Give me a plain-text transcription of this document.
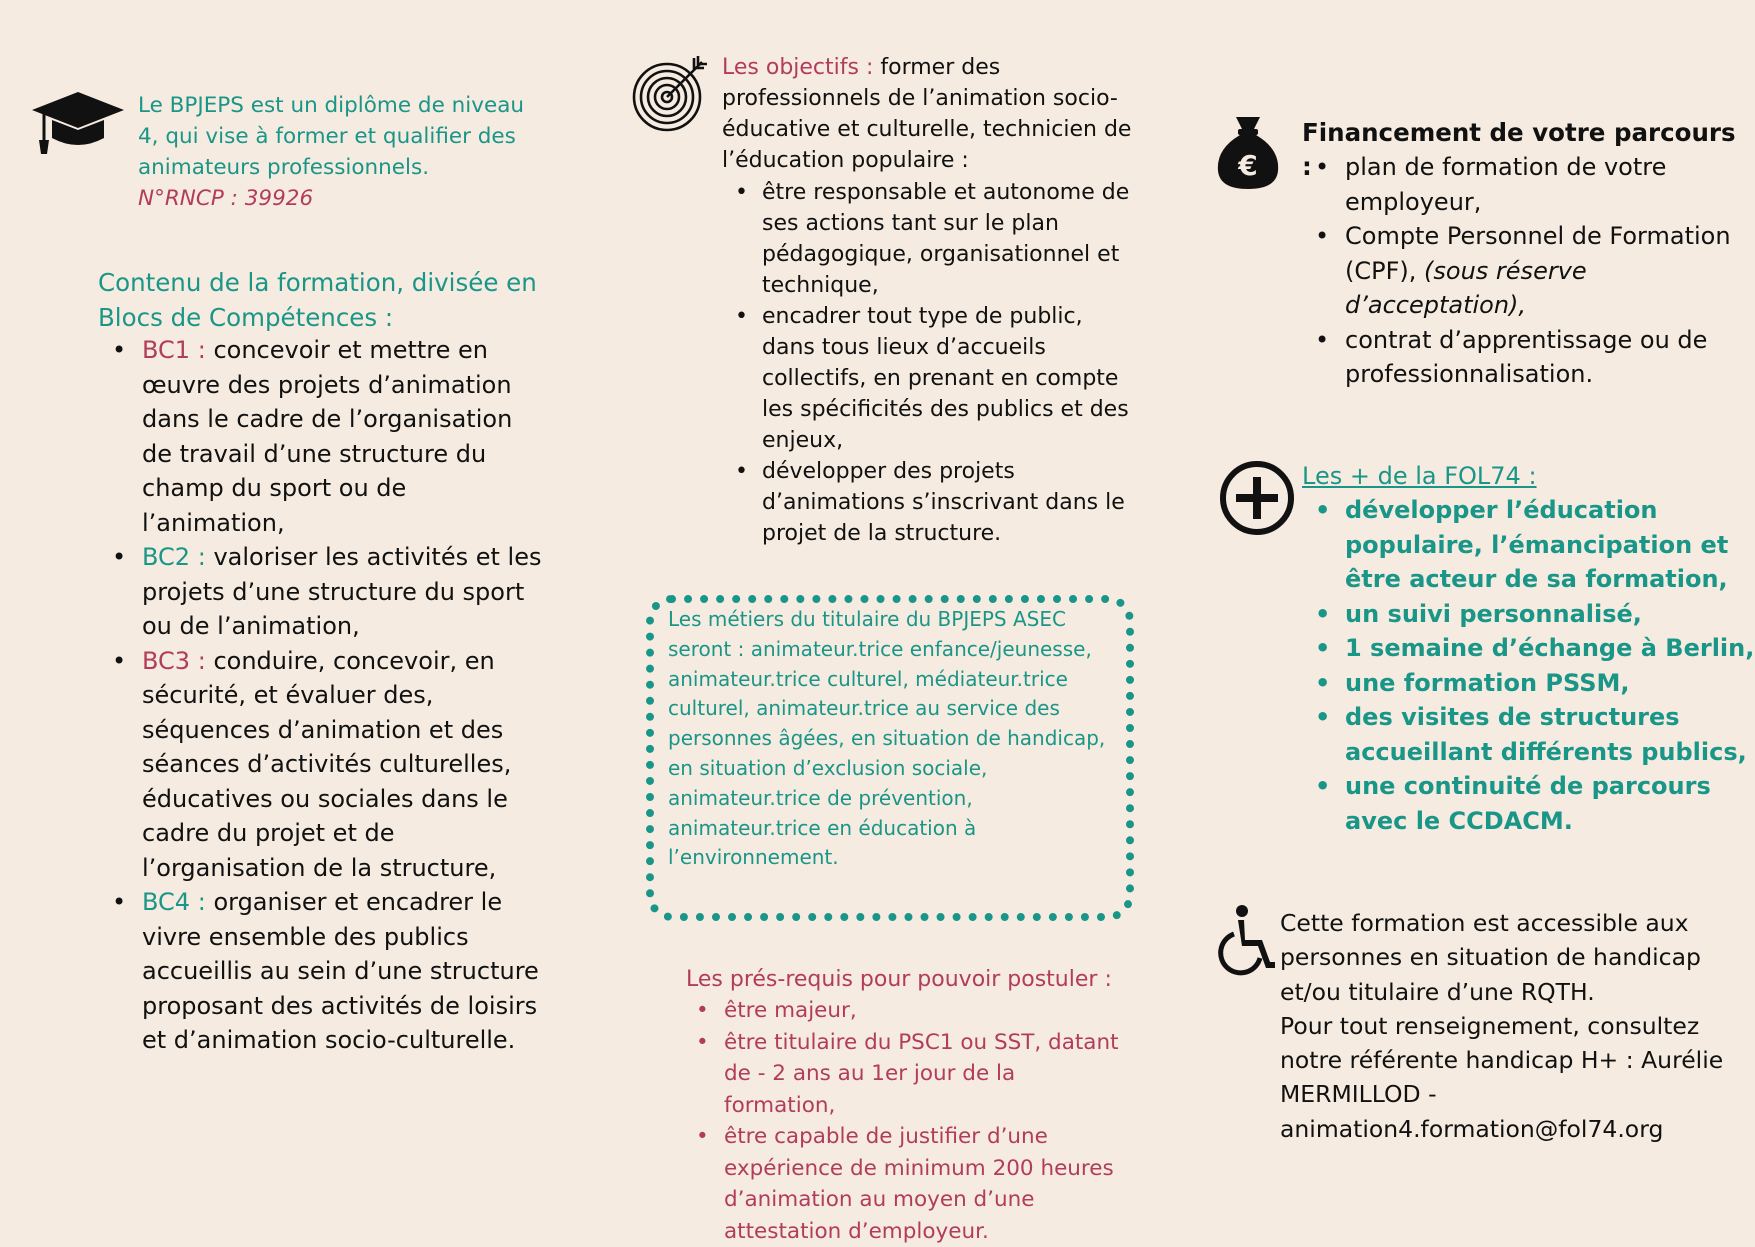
Le BPJEPS est un diplôme de niveau 4, qui vise à former et qualifier des animateurs professionnels.
N°RNCP : 39926
Contenu de la formation, divisée en Blocs de Compétences :
• BC1 : concevoir et mettre en œuvre des projets d’animation dans le cadre de l’organisation de travail d’une structure du champ du sport ou de l’animation,
• BC2 : valoriser les activités et les projets d’une structure du sport ou de l’animation,
• BC3 : conduire, concevoir, en sécurité, et évaluer des, séquences d’animation et des séances d’activités culturelles, éducatives ou sociales dans le cadre du projet et de l’organisation de la structure,
• BC4 : organiser et encadrer le vivre ensemble des publics accueillis au sein d’une structure proposant des activités de loisirs et d’animation socio-culturelle.
Les objectifs : former des professionnels de l’animation socio-éducative et culturelle, technicien de l’éducation populaire :
• être responsable et autonome de ses actions tant sur le plan pédagogique, organisationnel et technique,
• encadrer tout type de public, dans tous lieux d’accueils collectifs, en prenant en compte les spécificités des publics et des enjeux,
• développer des projets d’animations s’inscrivant dans le projet de la structure.
Les métiers du titulaire du BPJEPS ASEC seront : animateur.trice enfance/jeunesse, animateur.trice culturel, médiateur.trice culturel, animateur.trice au service des personnes âgées, en situation de handicap, en situation d’exclusion sociale, animateur.trice de prévention, animateur.trice en éducation à l’environnement.
Les prés-requis pour pouvoir postuler :
• être majeur,
• être titulaire du PSC1 ou SST, datant de - 2 ans au 1er jour de la formation,
• être capable de justifier d’une expérience de minimum 200 heures d’animation au moyen d’une attestation d’employeur.
€
Financement de votre parcours :
•	plan de formation de votre employeur,
• Compte Personnel de Formation (CPF), (sous réserve d’acceptation),
• contrat d’apprentissage ou de professionnalisation.
Les + de la FOL74 :
• développer l’éducation populaire, l’émancipation et être acteur de sa formation,
• un suivi personnalisé,
• 1 semaine d’échange à Berlin,
• une formation PSSM,
• des visites de structures accueillant différents publics,
• une continuité de parcours avec le CCDACM.
Cette formation est accessible aux personnes en situation de handicap et/ou titulaire d’une RQTH.
Pour tout renseignement, consultez notre référente handicap H+ : Aurélie MERMILLOD - animation4.formation@fol74.org
